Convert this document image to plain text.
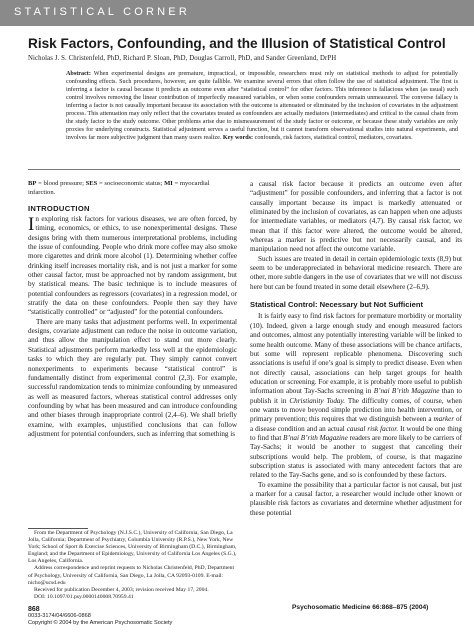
STATISTICAL CORNER
Risk Factors, Confounding, and the Illusion of Statistical Control
Nicholas J. S. Christenfeld, PhD, Richard P. Sloan, PhD, Douglas Carroll, PhD, and Sander Greenland, DrPH
Abstract: When experimental designs are premature, impractical, or impossible, researchers must rely on statistical methods to adjust for potentially confounding effects. Such procedures, however, are quite fallible. We examine several errors that often follow the use of statistical adjustment. The first is inferring a factor is causal because it predicts an outcome even after “statistical control” for other factors. This inference is fallacious when (as usual) such control involves removing the linear contribution of imperfectly measured variables, or when some confounders remain unmeasured. The converse fallacy is inferring a factor is not causally important because its association with the outcome is attenuated or eliminated by the inclusion of covariates in the adjustment process. This attenuation may only reflect that the covariates treated as confounders are actually mediators (intermediates) and critical to the causal chain from the study factor to the study outcome. Other problems arise due to mismeasurement of the study factor or outcome, or because these study variables are only proxies for underlying constructs. Statistical adjustment serves a useful function, but it cannot transform observational studies into natural experiments, and involves far more subjective judgment than many users realize. Key words: confounds, risk factors, statistical control, mediators, covariates.
BP = blood pressure; SES = socioeconomic status; MI = myocardial infarction.
INTRODUCTION

In exploring risk factors for various diseases, we are often forced, by timing, economics, or ethics, to use nonexperimental designs. These designs bring with them numerous interpretational problems, including the issue of confounding. People who drink more coffee may also smoke more cigarettes and drink more alcohol (1). Determining whether coffee drinking itself increases mortality risk, and is not just a marker for some other causal factor, must be approached not by random assignment, but by statistical means. The basic technique is to include measures of potential confounders as regressors (covariates) in a regression model, or stratify the data on these confounders. People then say they have “statistically controlled” or “adjusted” for the potential confounders.

There are many tasks that adjustment performs well. In experimental designs, covariate adjustment can reduce the noise in outcome variation, and thus allow the manipulation effect to stand out more clearly. Statistical adjustments perform markedly less well at the epidemiologic tasks to which they are regularly put. They simply cannot convert nonexperiments to experiments because “statistical control” is fundamentally distinct from experimental control (2,3). For example, successful randomization tends to minimize confounding by unmeasured as well as measured factors, whereas statistical control addresses only confounding by what has been measured and can introduce confounding and other biases through inappropriate control (2,4–6). We shall briefly examine, with examples, unjustified conclusions that can follow adjustment for potential confounders, such as inferring that something is

From the Department of Psychology (N.J.S.C.), University of California, San Diego, La Jolla, California; Department of Psychiatry, Columbia University (R.P.S.), New York, New York; School of Sport & Exercise Sciences, University of Birmingham (D.C.), Birmingham, England; and the Department of Epidemiology, University of California Los Angeles (S.G.), Los Angeles, California.

Address correspondence and reprint requests to Nicholas Christenfeld, PhD, Department of Psychology, University of California, San Diego, La Jolla, CA 92093-0109. E-mail: nicho@ucsd.edu

Received for publication December 4, 2003; revision received May 17, 2004.

DOI: 10.1097/01.psy.0000140008.70959.41

a causal risk factor because it predicts an outcome even after “adjustment” for possible confounders, and inferring that a factor is not causally important because its impact is markedly attenuated or eliminated by the inclusion of covariates, as can happen when one adjusts for intermediate variables, or mediators (4,7). By causal risk factor, we mean that if this factor were altered, the outcome would be altered, whereas a marker is predictive but not necessarily causal, and its manipulation need not affect the outcome variable.

Such issues are treated in detail in certain epidemiologic texts (8,9) but seem to be underappreciated in behavioral medicine research. There are other, more subtle dangers in the use of covariates that we will not discuss here but can be found treated in some detail elsewhere (2–6,9).

Statistical Control: Necessary but Not Sufficient

It is fairly easy to find risk factors for premature morbidity or mortality (10). Indeed, given a large enough study and enough measured factors and outcomes, almost any potentially interesting variable will be linked to some health outcome. Many of these associations will be chance artifacts, but some will represent replicable phenomena. Discovering such associations is useful if one’s goal is simply to predict disease. Even when not directly causal, associations can help target groups for health education or screening. For example, it is probably more useful to publish information about Tay-Sachs screening in B’nai B’rith Magazine than to publish it in Christianity Today. The difficulty comes, of course, when one wants to move beyond simple prediction into health intervention, or primary prevention; this requires that we distinguish between a marker of a disease condition and an actual causal risk factor. It would be one thing to find that B’nai B’rith Magazine readers are more likely to be carriers of Tay-Sachs; it would be another to suggest that canceling their subscriptions would help. The problem, of course, is that magazine subscription status is associated with many antecedent factors that are related to the Tay-Sachs gene, and so is confounded by these factors.

To examine the possibility that a particular factor is not causal, but just a marker for a causal factor, a researcher would include other known or plausible risk factors as covariates and determine whether adjustment for these potential

868
0033-3174/04/6606-0868
Copyright © 2004 by the American Psychosomatic Society
Psychosomatic Medicine 66:868–875 (2004)
